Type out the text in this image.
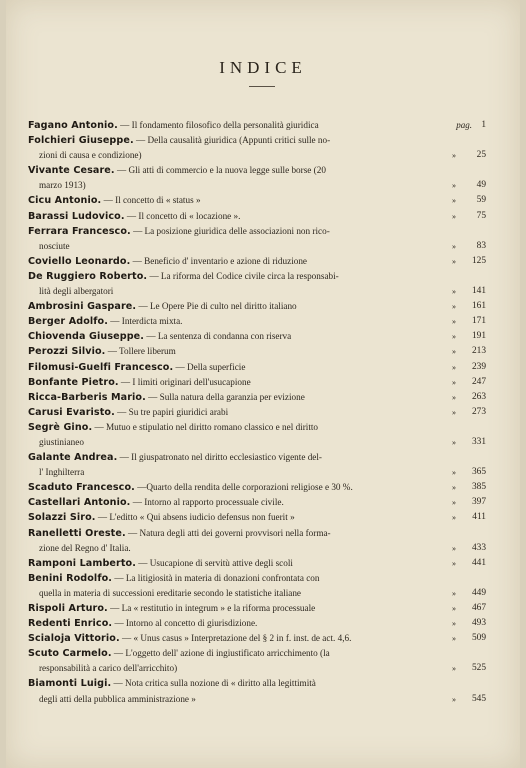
INDICE
Fagano Antonio. — Il fondamento filosofico della personalità giuridica	pag. 1
Folchieri Giuseppe. — Della causalità giuridica (Appunti critici sulle no-
zioni di causa e condizione)	»	25
Vivante Cesare. — Gli atti di commercio e la nuova legge sulle borse (20
marzo 1913)	»	49
Cicu Antonio. — Il concetto di « status »	»	59
Barassi Ludovico. — Il concetto di « locazione ».	»	75
Ferrara Francesco. — La posizione giuridica delle associazioni non rico-
nosciute	»	83
Coviello Leonardo. — Beneficio d' inventario e azione di riduzione	»	125
De Ruggiero Roberto. — La riforma del Codice civile circa la responsabi-
lità degli albergatori	»	141
Ambrosini Gaspare. — Le Opere Pie di culto nel diritto italiano	»	161
Berger Adolfo. — Interdicta mixta.	»	171
Chiovenda Giuseppe. — La sentenza di condanna con riserva	»	191
Perozzi Silvio. — Tollere liberum	»	213
Filomusi-Guelfi Francesco. — Della superficie	»	239
Bonfante Pietro. — I limiti originari dell'usucapione	»	247
Ricca-Barberis Mario. — Sulla natura della garanzia per evizione	»	263
Carusi Evaristo. — Su tre papiri giuridici arabi	»	273
Segrè Gino. — Mutuo e stipulatio nel diritto romano classico e nel diritto
giustinianeo	»	331
Galante Andrea. — Il giuspatronato nel diritto ecclesiastico vigente del-
l' Inghilterra	»	365
Scaduto Francesco. —Quarto della rendita delle corporazioni religiose e 30 %.	»	385
Castellari Antonio. — Intorno al rapporto processuale civile.	»	397
Solazzi Siro. — L'editto « Qui absens iudicio defensus non fuerit »	»	411
Ranelletti Oreste. — Natura degli atti dei governi provvisori nella forma-
zione del Regno d' Italia.	»	433
Ramponi Lamberto. — Usucapione di servitù attive degli scoli	»	441
Benini Rodolfo. — La litigiosità in materia di donazioni confrontata con
quella in materia di successioni ereditarie secondo le statistiche italiane	»	449
Rispoli Arturo. — La « restitutio in integrum » e la riforma processuale	»	467
Redenti Enrico. — Intorno al concetto di giurisdizione.	»	493
Scialoja Vittorio. — « Unus casus » Interpretazione del § 2 in f. inst. de act. 4,6.	»	509
Scuto Carmelo. — L'oggetto dell' azione di ingiustificato arricchimento (la
responsabilità a carico dell'arricchito)	»	525
Biamonti Luigi. — Nota critica sulla nozione di « diritto alla legittimità
degli atti della pubblica amministrazione »	»	545
